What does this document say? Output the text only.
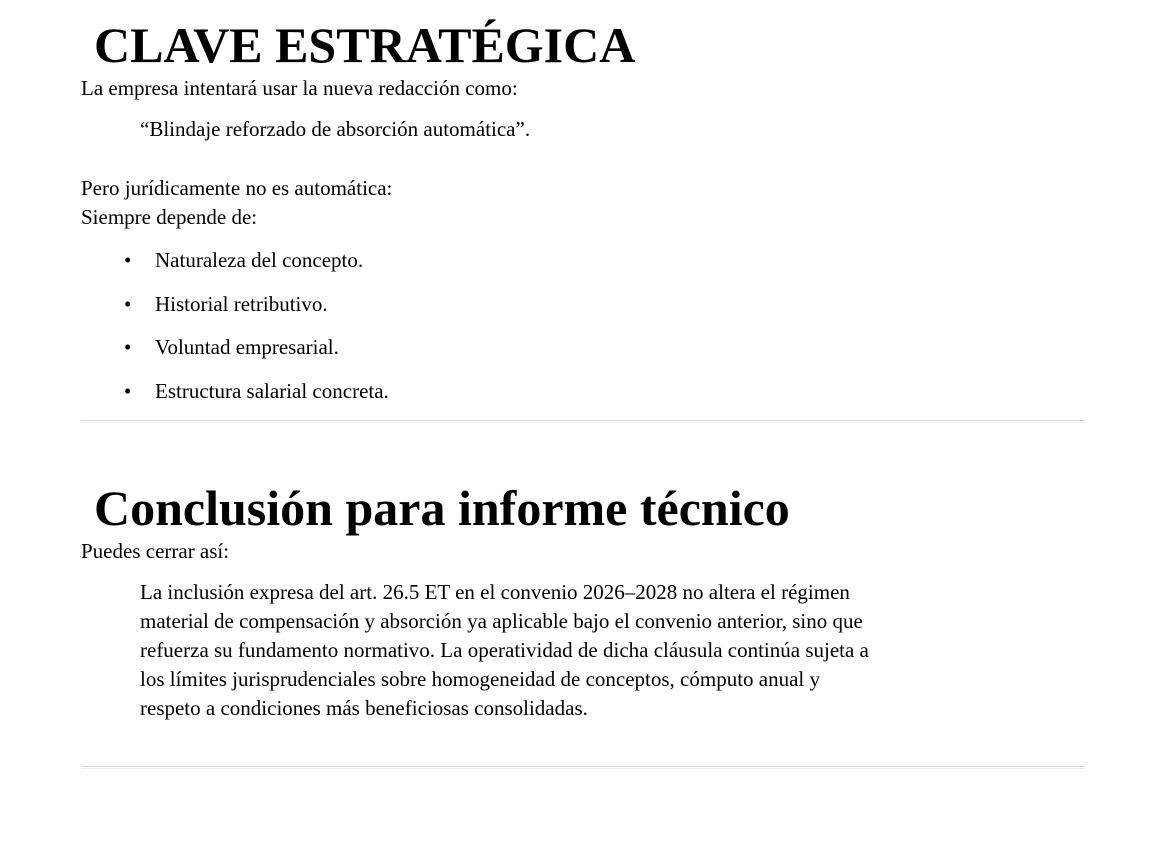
CLAVE ESTRATÉGICA

La empresa intentará usar la nueva redacción como:

“Blindaje reforzado de absorción automática”.

Pero jurídicamente no es automática:

Siempre depende de:

• Naturaleza del concepto.
• Historial retributivo.
• Voluntad empresarial.
• Estructura salarial concreta.
Conclusión para informe técnico

Puedes cerrar así:

La inclusión expresa del art. 26.5 ET en el convenio 2026–2028 no altera el régimen
material de compensación y absorción ya aplicable bajo el convenio anterior, sino que
refuerza su fundamento normativo. La operatividad de dicha cláusula continúa sujeta a
los límites jurisprudenciales sobre homogeneidad de conceptos, cómputo anual y
respeto a condiciones más beneficiosas consolidadas.
